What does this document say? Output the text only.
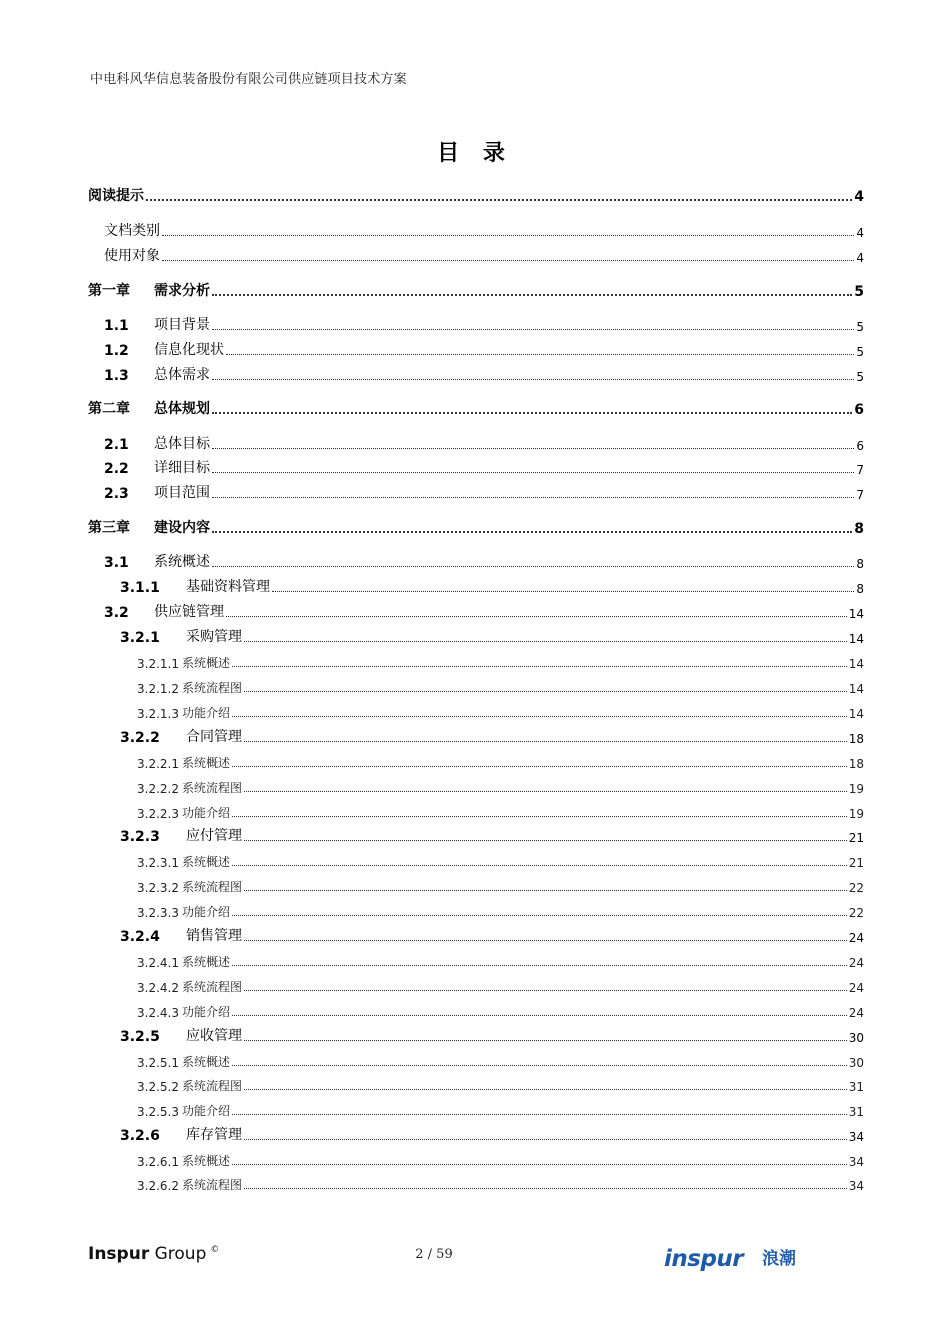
中电科风华信息装备股份有限公司供应链项目技术方案
目 录
阅读提示	4
文档类别	4
使用对象	4
第一章	需求分析	5
1.1	项目背景	5
1.2	信息化现状	5
1.3	总体需求	5
第二章	总体规划	6
2.1	总体目标	6
2.2	详细目标	7
2.3	项目范围	7
第三章	建设内容	8
3.1	系统概述	8
3.1.1	基础资料管理	8
3.2	供应链管理	14
3.2.1	采购管理	14
3.2.1.1 系统概述	14
3.2.1.2 系统流程图	14
3.2.1.3 功能介绍	14
3.2.2	合同管理	18
3.2.2.1 系统概述	18
3.2.2.2 系统流程图	19
3.2.2.3 功能介绍	19
3.2.3	应付管理	21
3.2.3.1 系统概述	21
3.2.3.2 系统流程图	22
3.2.3.3 功能介绍	22
3.2.4	销售管理	24
3.2.4.1 系统概述	24
3.2.4.2 系统流程图	24
3.2.4.3 功能介绍	24
3.2.5	应收管理	30
3.2.5.1 系统概述	30
3.2.5.2 系统流程图	31
3.2.5.3 功能介绍	31
3.2.6	库存管理	34
3.2.6.1 系统概述	34
3.2.6.2 系统流程图	34
Inspur Group ©	2 / 59	inspur 浪潮
